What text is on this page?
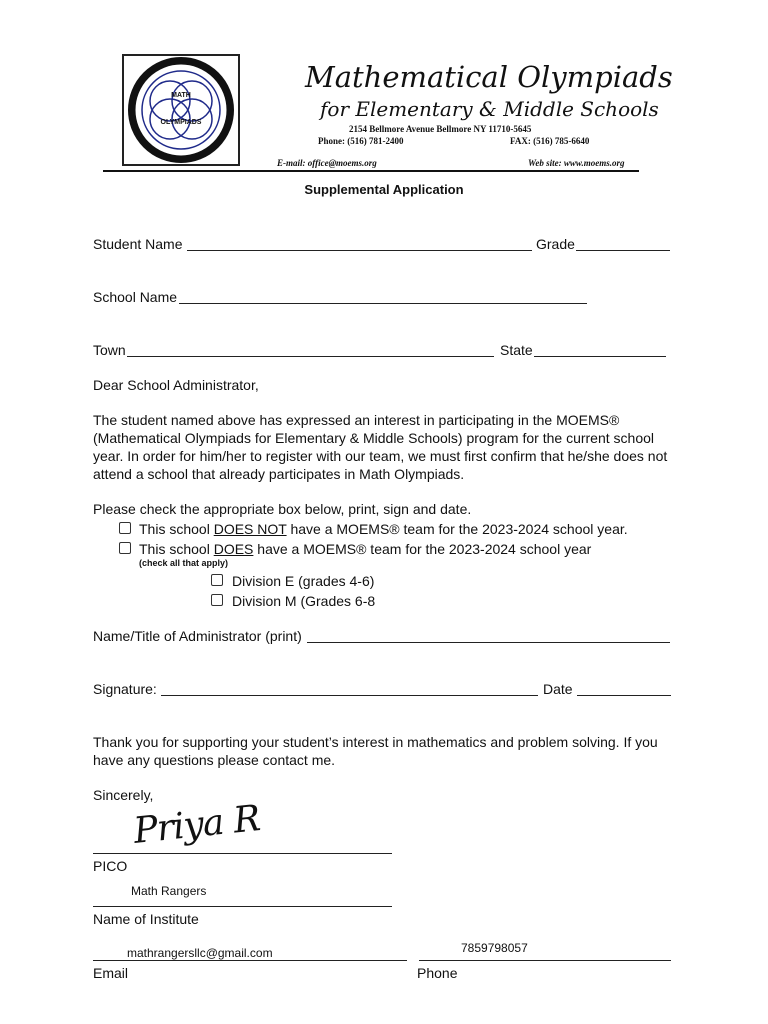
MATH
OLYMPIADS
Mathematical Olympiads
for Elementary & Middle Schools
2154 Bellmore Avenue Bellmore NY 11710-5645
Phone: (516) 781-2400	FAX: (516) 785-6640
E-mail: office@moems.org	Web site: www.moems.org
Supplemental Application
Student Name	Grade
School Name
Town	State
Dear School Administrator,
The student named above has expressed an interest in participating in the MOEMS® (Mathematical Olympiads for Elementary & Middle Schools) program for the current school year. In order for him/her to register with our team, we must first confirm that he/she does not attend a school that already participates in Math Olympiads.
Please check the appropriate box below, print, sign and date.
This school DOES NOT have a MOEMS® team for the 2023-2024 school year.
This school DOES have a MOEMS® team for the 2023-2024 school year
(check all that apply)
Division E (grades 4-6)
Division M (Grades 6-8
Name/Title of Administrator (print)
Signature:	Date
Thank you for supporting your student’s interest in mathematics and problem solving. If you have any questions please contact me.
Sincerely,
Priya R
PICO
Math Rangers
Name of Institute
mathrangersllc@gmail.com
Email
7859798057
Phone
